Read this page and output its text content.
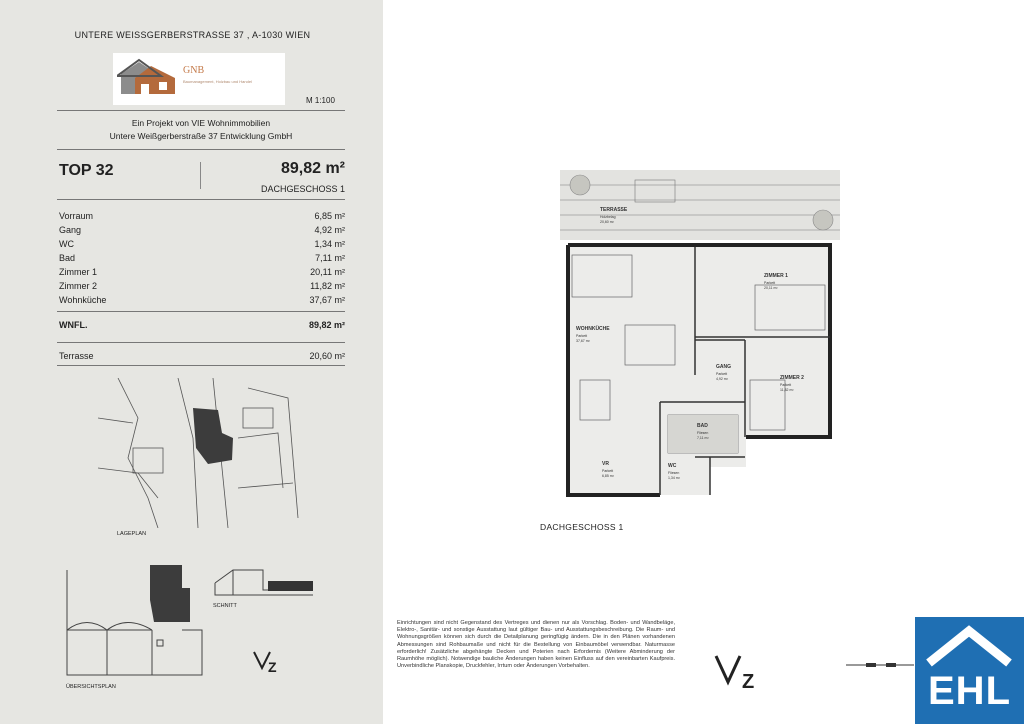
UNTERE WEISSGERBERSTRASSE 37 , A-1030 WIEN
GNB
Baumanagement, Holzbau und Handel
M 1:100
Ein Projekt von VIE Wohnimmobilien
Untere Weißgerberstraße 37 Entwicklung GmbH
TOP 32	89,82 m²
DACHGESCHOSS 1
Vorraum	6,85 m²
Gang	4,92 m²
WC	1,34 m²
Bad	7,11 m²
Zimmer 1	20,11 m²
Zimmer 2	11,82 m²
Wohnküche	37,67 m²
WNFL.	89,82 m²
Terrasse	20,60 m²
LAGEPLAN
ÜBERSICHTSPLAN
SCHNITT
Z
TERRASSE
Holzbelag
20,60 m²
ZIMMER 1
Parkett
20,11 m²
WOHNKÜCHE
Parkett
37,67 m²
GANG
Parkett
4,92 m²	ZIMMER 2
Parkett
11,82 m²
BAD
Fliesen
7,11 m²
VR
Parkett
6,85 m²
WC
Fliesen
1,34 m²
DACHGESCHOSS 1
Einrichtungen sind nicht Gegenstand des Vertreges und dienen nur als Vorschlag. Boden- und Wandbeläge, Elektro-, Sanitär- und sonstige Ausstattung laut gültiger Bau- und Ausstattungsbeschreibung. Die Raum- und Wohnungsgrößen können sich durch die Detailplanung geringfügig ändern. Die in den Plänen vorhandenen Abmessungen sind Rohbaumaße und nicht für die Bestellung von Einbaumöbel verwendbar. Naturmasse erforderlich! Zusätzliche abgehängte Decken und Poterien nach Erfordernis (Weitere Abminderung der Raumhöhe möglich). Notwendige bauliche Änderungen haben keinen Einfluss auf den vereinbarten Kaufpreis. Unverbindliche Planskopie, Druckfehler, Irrtum oder Änderungen Vorbehalten.
Z	EHL
